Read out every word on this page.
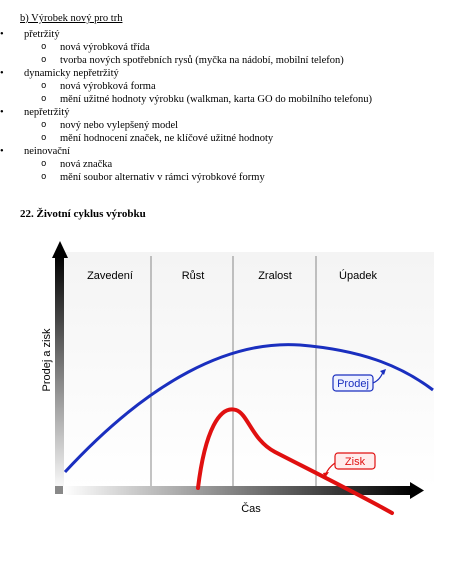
b) Výrobek nový pro trh
• přetržitý
o nová výrobková třída
o tvorba nových spotřebních rysů (myčka na nádobí, mobilní telefon)
• dynamicky nepřetržitý
o nová výrobková forma
o mění užitné hodnoty výrobku (walkman, karta GO do mobilního telefonu)
• nepřetržitý
o nový nebo vylepšený model
o mění hodnocení značek, ne klíčové užitné hodnoty
• neinovační
o nová značka
o mění soubor alternativ v rámci výrobkové formy
22. Životní cyklus výrobku
Zavedení	Růst	Zralost	Úpadek
Prodej a zisk
Čas
Prodej
Zisk
